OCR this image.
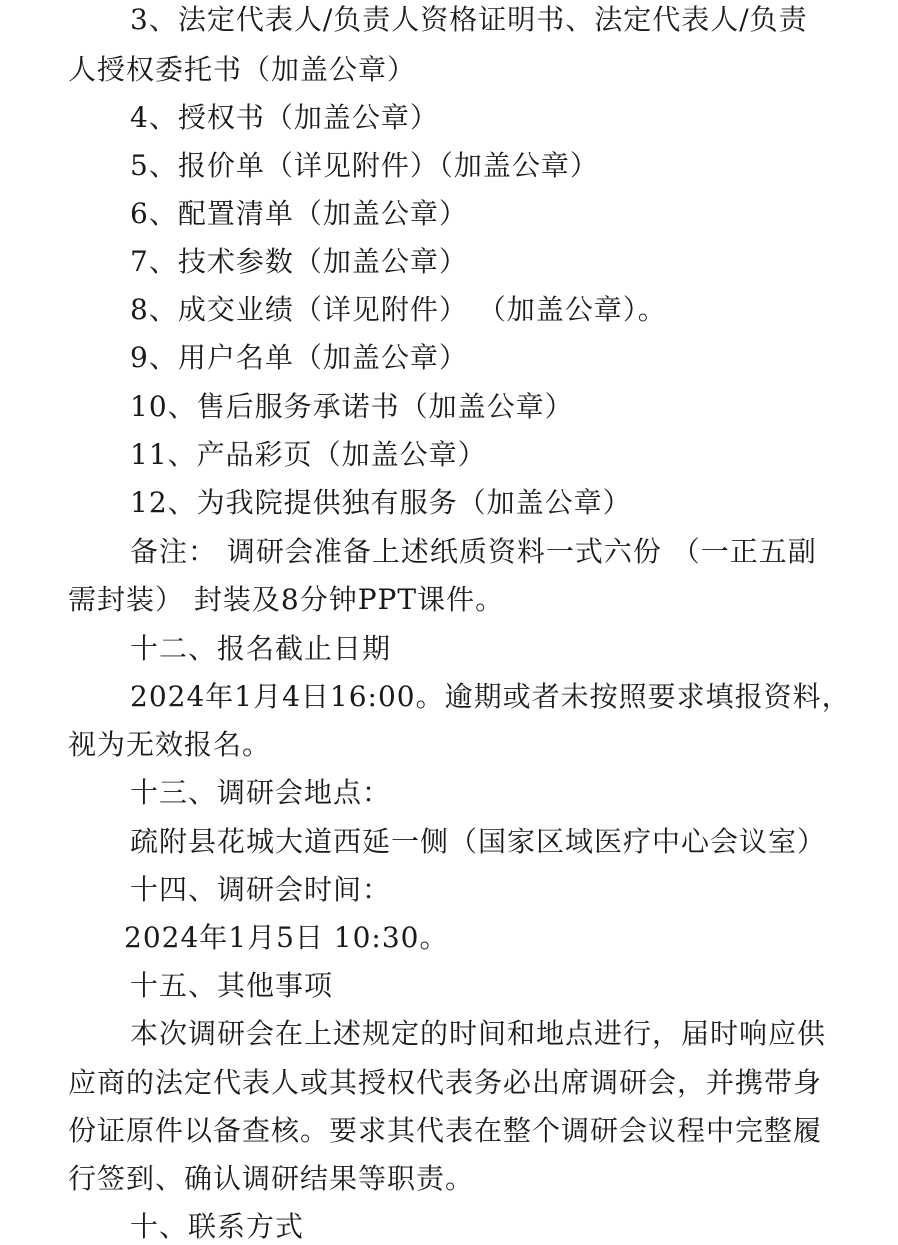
3、法定代表人/负责人资格证明书、法定代表人/负责
人授权委托书（加盖公章）
4、授权书（加盖公章）
5、报价单（详见附件）（加盖公章）
6、配置清单（加盖公章）
7、技术参数（加盖公章）
8、成交业绩（详见附件） （加盖公章）。
9、用户名单（加盖公章）
10、售后服务承诺书（加盖公章）
11、产品彩页（加盖公章）
12、为我院提供独有服务（加盖公章）
备注： 调研会准备上述纸质资料一式六份 （一正五副
需封装） 封装及8分钟PPT课件。
十二、报名截止日期
2024年1月4日16:00。逾期或者未按照要求填报资料，
视为无效报名。
十三、调研会地点：
疏附县花城大道西延一侧（国家区域医疗中心会议室）
十四、调研会时间：
2024年1月5日 10:30。
十五、其他事项
本次调研会在上述规定的时间和地点进行，届时响应供
应商的法定代表人或其授权代表务必出席调研会，并携带身
份证原件以备查核。要求其代表在整个调研会议程中完整履
行签到、确认调研结果等职责。
十、联系方式
